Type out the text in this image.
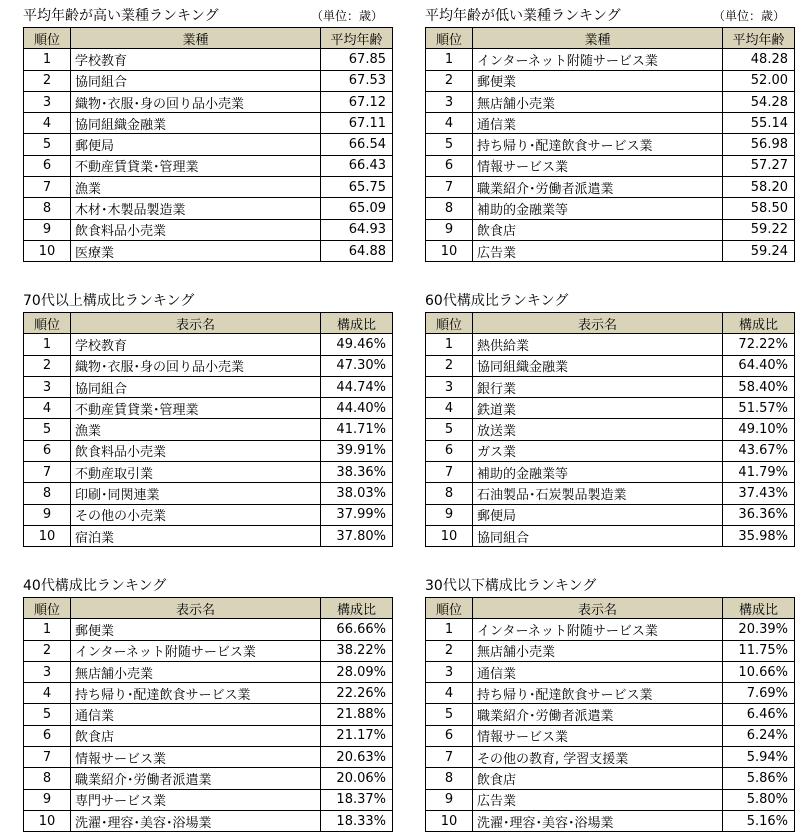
平均年齢が高い業種ランキング	（単位：歳）
順位	業種	平均年齢
1	学校教育	67.85
2	協同組合	67.53
3	織物･衣服･身の回り品小売業	67.12
4	協同組織金融業	67.11
5	郵便局	66.54
6	不動産賃貸業･管理業	66.43
7	漁業	65.75
8	木材･木製品製造業	65.09
9	飲食料品小売業	64.93
10	医療業	64.88
平均年齢が低い業種ランキング	（単位：歳）
順位	業種	平均年齢
1	インターネット附随サービス業	48.28
2	郵便業	52.00
3	無店舗小売業	54.28
4	通信業	55.14
5	持ち帰り･配達飲食サービス業	56.98
6	情報サービス業	57.27
7	職業紹介･労働者派遣業	58.20
8	補助的金融業等	58.50
9	飲食店	59.22
10	広告業	59.24
70代以上構成比ランキング
順位	表示名	構成比
1	学校教育	49.46%
2	織物･衣服･身の回り品小売業	47.30%
3	協同組合	44.74%
4	不動産賃貸業･管理業	44.40%
5	漁業	41.71%
6	飲食料品小売業	39.91%
7	不動産取引業	38.36%
8	印刷･同関連業	38.03%
9	その他の小売業	37.99%
10	宿泊業	37.80%
60代構成比ランキング
順位	表示名	構成比
1	熱供給業	72.22%
2	協同組織金融業	64.40%
3	銀行業	58.40%
4	鉄道業	51.57%
5	放送業	49.10%
6	ガス業	43.67%
7	補助的金融業等	41.79%
8	石油製品･石炭製品製造業	37.43%
9	郵便局	36.36%
10	協同組合	35.98%
40代構成比ランキング
順位	表示名	構成比
1	郵便業	66.66%
2	インターネット附随サービス業	38.22%
3	無店舗小売業	28.09%
4	持ち帰り･配達飲食サービス業	22.26%
5	通信業	21.88%
6	飲食店	21.17%
7	情報サービス業	20.63%
8	職業紹介･労働者派遣業	20.06%
9	専門サービス業	18.37%
10	洗濯･理容･美容･浴場業	18.33%
30代以下構成比ランキング
順位	表示名	構成比
1	インターネット附随サービス業	20.39%
2	無店舗小売業	11.75%
3	通信業	10.66%
4	持ち帰り･配達飲食サービス業	7.69%
5	職業紹介･労働者派遣業	6.46%
6	情報サービス業	6.24%
7	その他の教育, 学習支援業	5.94%
8	飲食店	5.86%
9	広告業	5.80%
10	洗濯･理容･美容･浴場業	5.16%
